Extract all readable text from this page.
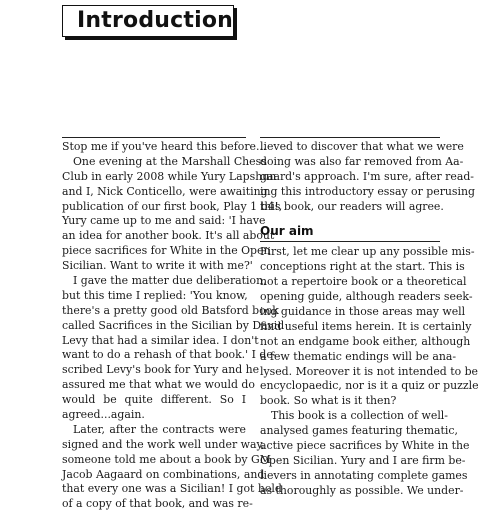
Introduction
Stop me if you've heard this before...
One evening at the Marshall Chess
Club in early 2008 while Yury Lapshun
and I, Nick Conticello, were awaiting
publication of our first book, Play 1 b4!,
Yury came up to me and said: 'I have
an idea for another book. It's all about
piece sacrifices for White in the Open
Sicilian. Want to write it with me?'
I gave the matter due deliberation,
but this time I replied: 'You know,
there's a pretty good old Batsford book
called Sacrifices in the Sicilian by David
Levy that had a similar idea. I don't
want to do a rehash of that book.' I de-
scribed Levy's book for Yury and he
assured me that what we would do
would be quite different. So I
agreed...again.
Later, after the contracts were
signed and the work well under way,
someone told me about a book by GM
Jacob Aagaard on combinations, and
that every one was a Sicilian! I got hold
of a copy of that book, and was re-
lieved to discover that what we were
doing was also far removed from Aa-
gaard's approach. I'm sure, after read-
ing this introductory essay or perusing
this book, our readers will agree.
Our aim
First, let me clear up any possible mis-
conceptions right at the start. This is
not a repertoire book or a theoretical
opening guide, although readers seek-
ing guidance in those areas may well
find useful items herein. It is certainly
not an endgame book either, although
a few thematic endings will be ana-
lysed. Moreover it is not intended to be
encyclopaedic, nor is it a quiz or puzzle
book. So what is it then?
This book is a collection of well-
analysed games featuring thematic,
active piece sacrifices by White in the
Open Sicilian. Yury and I are firm be-
lievers in annotating complete games
as thoroughly as possible. We under-
